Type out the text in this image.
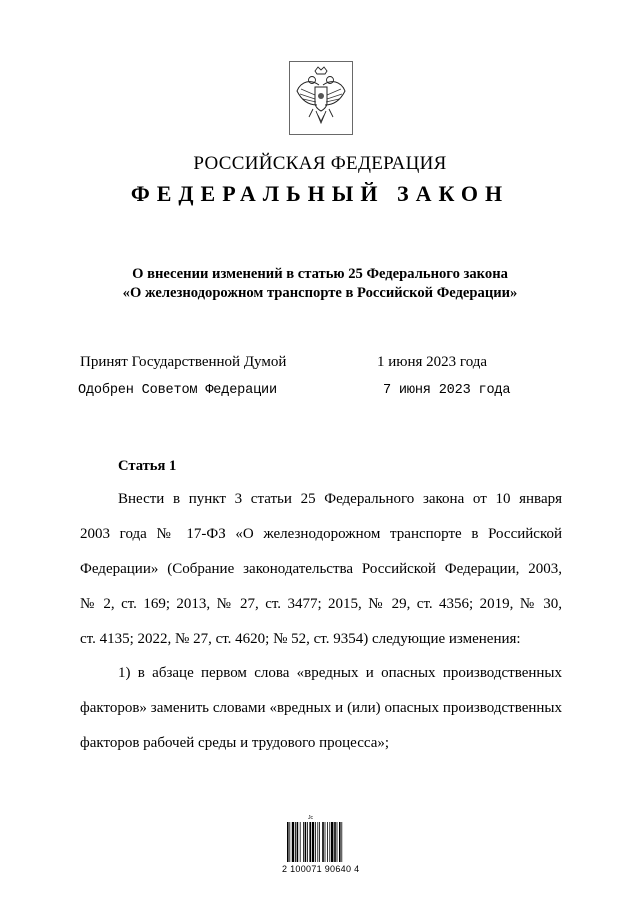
РОССИЙСКАЯ ФЕДЕРАЦИЯ
ФЕДЕРАЛЬНЫЙ ЗАКОН
О внесении изменений в статью 25 Федерального закона
«О железнодорожном транспорте в Российской Федерации»
Принят Государственной Думой	1 июня 2023 года
Одобрен Советом Федерации	7 июня 2023 года
Статья 1
Внести в пункт 3 статьи 25 Федерального закона от 10 января
2003 года № 17-ФЗ «О железнодорожном транспорте в Российской
Федерации» (Собрание законодательства Российской Федерации, 2003,
№ 2, ст. 169; 2013, № 27, ст. 3477; 2015, № 29, ст. 4356; 2019, № 30,
ст. 4135; 2022, № 27, ст. 4620; № 52, ст. 9354) следующие изменения:
1) в абзаце первом слова «вредных и опасных производственных
факторов» заменить словами «вредных и (или) опасных производственных
факторов рабочей среды и трудового процесса»;
Jc
2 100071 90640 4
